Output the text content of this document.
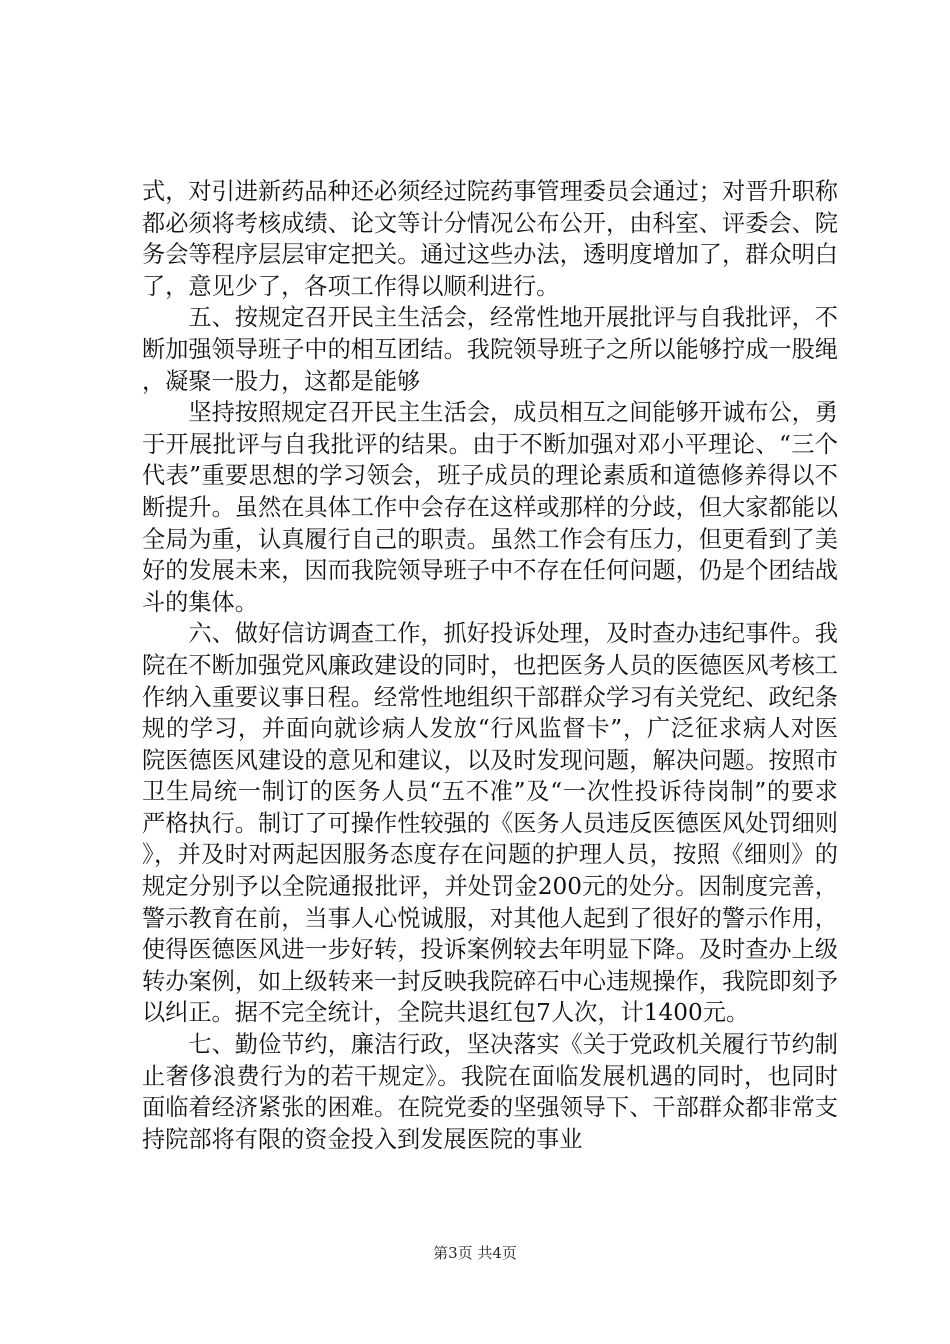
式，对引进新药品种还必须经过院药事管理委员会通过；对晋升职称都必须将考核成绩、论文等计分情况公布公开，由科室、评委会、院务会等程序层层审定把关。通过这些办法，透明度增加了，群众明白了，意见少了，各项工作得以顺利进行。

五、按规定召开民主生活会，经常性地开展批评与自我批评，不断加强领导班子中的相互团结。我院领导班子之所以能够拧成一股绳，凝聚一股力，这都是能够

坚持按照规定召开民主生活会，成员相互之间能够开诚布公，勇于开展批评与自我批评的结果。由于不断加强对邓小平理论、“三个代表”重要思想的学习领会，班子成员的理论素质和道德修养得以不断提升。虽然在具体工作中会存在这样或那样的分歧，但大家都能以全局为重，认真履行自己的职责。虽然工作会有压力，但更看到了美好的发展未来，因而我院领导班子中不存在任何问题，仍是个团结战斗的集体。

六、做好信访调查工作，抓好投诉处理，及时查办违纪事件。我院在不断加强党风廉政建设的同时，也把医务人员的医德医风考核工作纳入重要议事日程。经常性地组织干部群众学习有关党纪、政纪条规的学习，并面向就诊病人发放“行风监督卡”，广泛征求病人对医院医德医风建设的意见和建议，以及时发现问题，解决问题。按照市卫生局统一制订的医务人员“五不准”及“一次性投诉待岗制”的要求严格执行。制订了可操作性较强的《医务人员违反医德医风处罚细则》，并及时对两起因服务态度存在问题的护理人员，按照《细则》的规定分别予以全院通报批评，并处罚金200元的处分。因制度完善，警示教育在前，当事人心悦诚服，对其他人起到了很好的警示作用，使得医德医风进一步好转，投诉案例较去年明显下降。及时查办上级转办案例，如上级转来一封反映我院碎石中心违规操作，我院即刻予以纠正。据不完全统计，全院共退红包7人次，计1400元。

七、勤俭节约，廉洁行政，坚决落实《关于党政机关履行节约制止奢侈浪费行为的若干规定》。我院在面临发展机遇的同时，也同时面临着经济紧张的困难。在院党委的坚强领导下、干部群众都非常支持院部将有限的资金投入到发展医院的事业

第3页 共4页
